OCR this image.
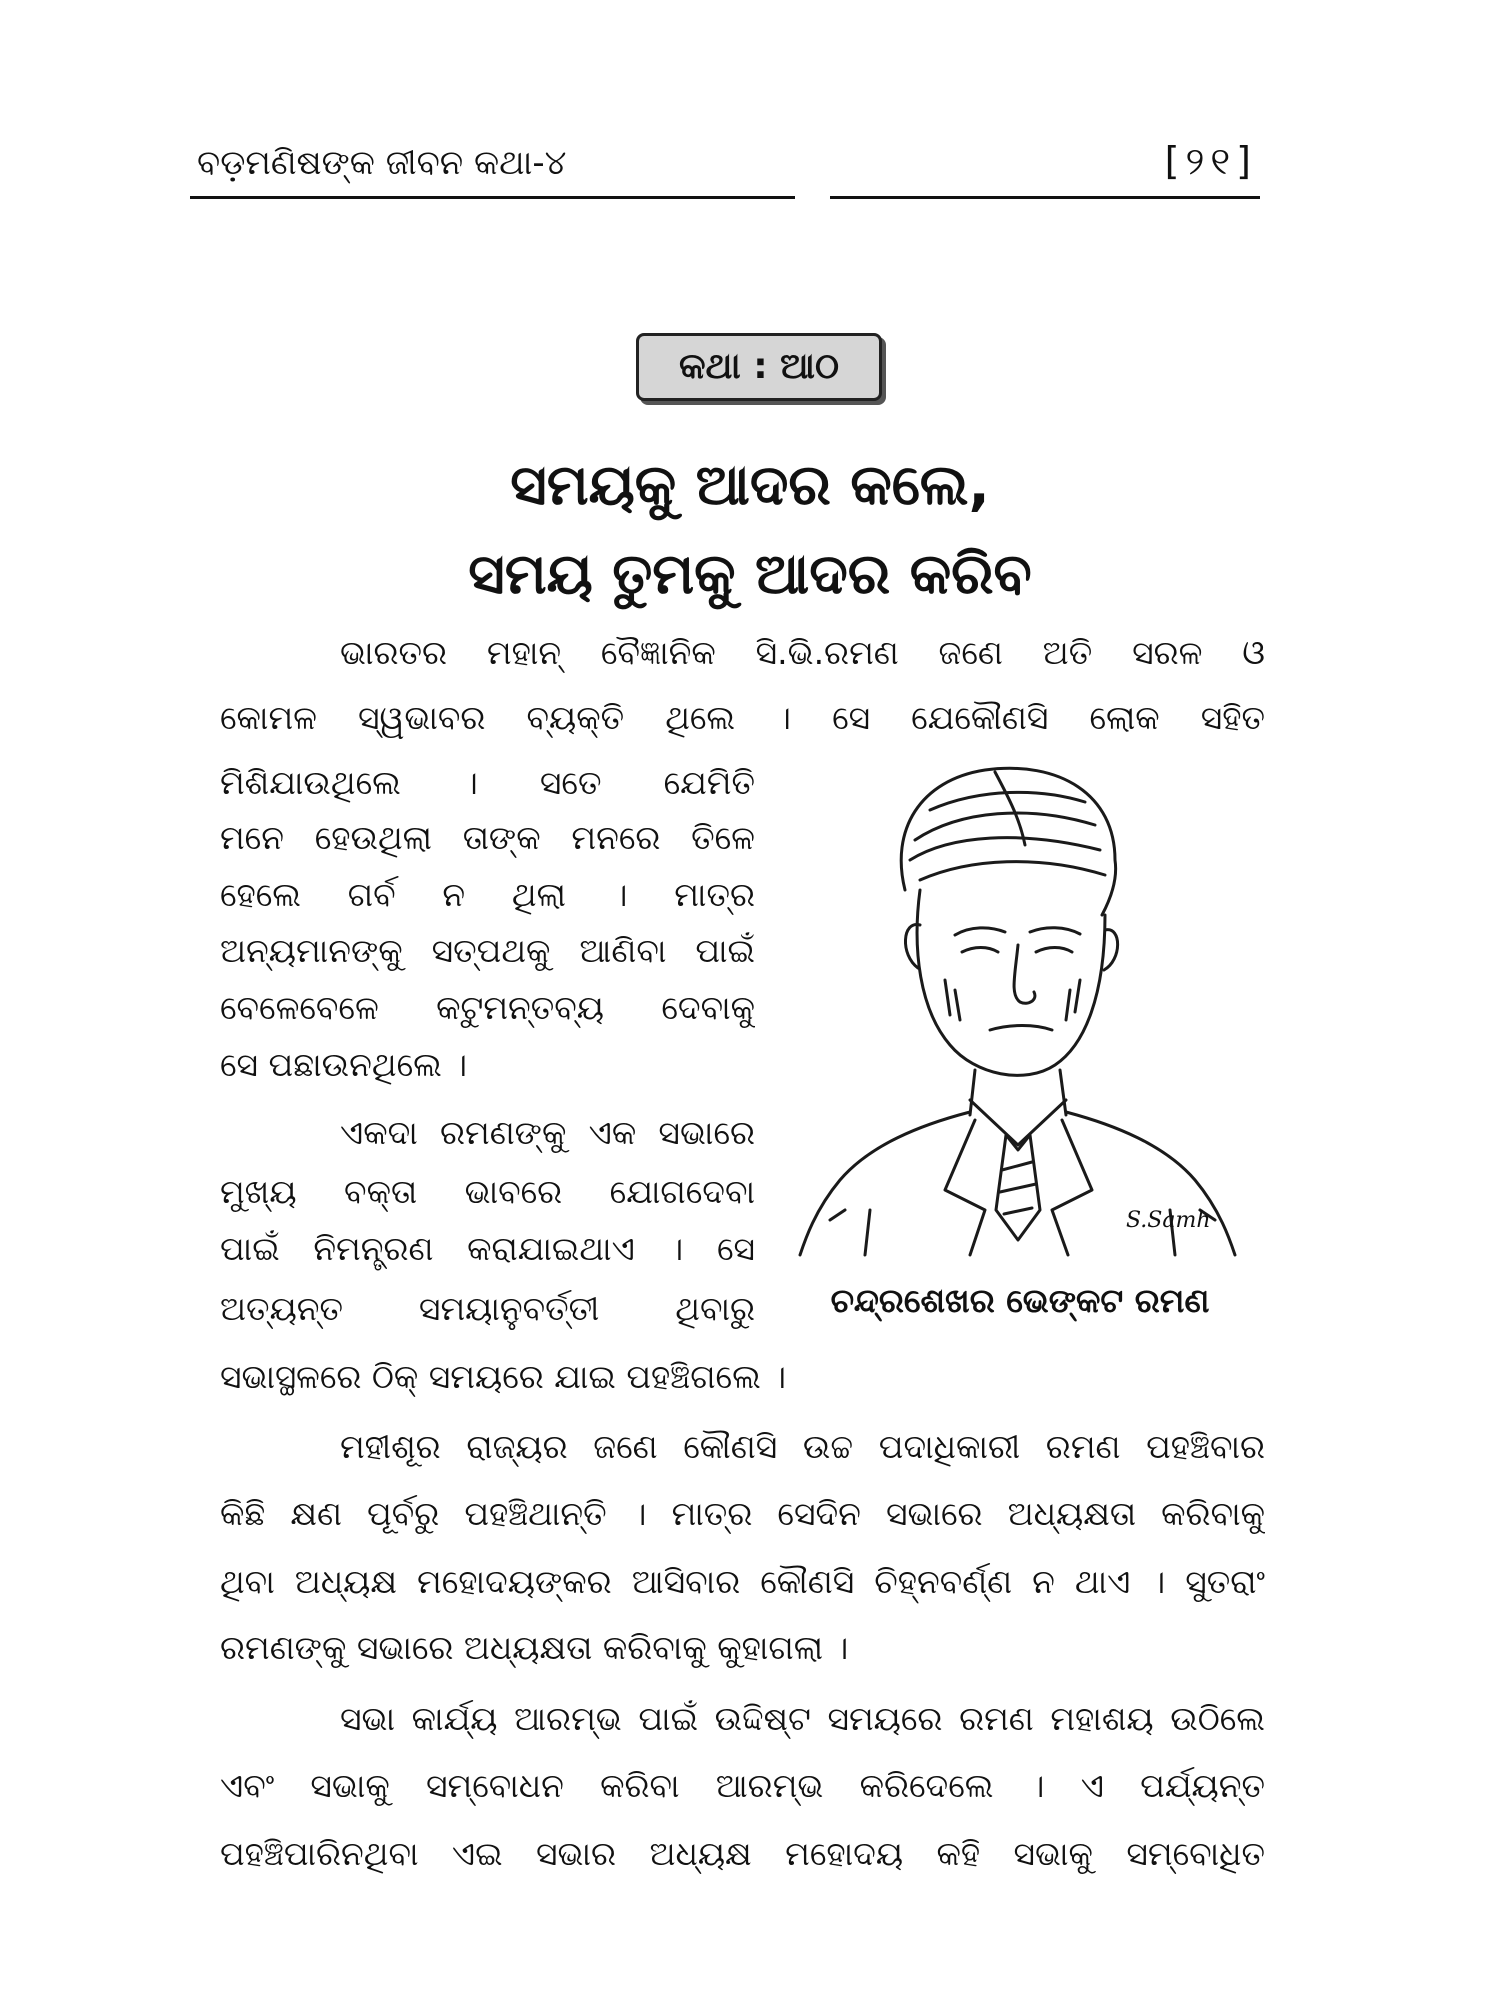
ବଡ଼ମଣିଷଙ୍କ ଜୀବନ କଥା-୪	[୨୧]
କଥା : ଆଠ
ସମୟକୁ ଆଦର କଲେ,
ସମୟ ତୁମକୁ ଆଦର କରିବ
ଭାରତର ମହାନ୍ ବୈଜ୍ଞାନିକ ସି.ଭି.ରମଣ ଜଣେ ଅତି ସରଳ ଓ
କୋମଳ ସ୍ୱଭାବର ବ୍ୟକ୍ତି ଥିଲେ । ସେ ଯେକୌଣସି ଲୋକ ସହିତ
ମିଶିଯାଉଥିଲେ । ସତେ ଯେମିତି
ମନେ ହେଉଥିଲା ତାଙ୍କ ମନରେ ତିଳେ
ହେଲେ ଗର୍ବ ନ ଥିଲା । ମାତ୍ର
ଅନ୍ୟମାନଙ୍କୁ ସତ୍‌ପଥକୁ ଆଣିବା ପାଇଁ
ବେଳେବେଳେ କଟୁମନ୍ତବ୍ୟ ଦେବାକୁ
ସେ ପଛାଉନଥିଲେ ।
ଏକଦା ରମଣଙ୍କୁ ଏକ ସଭାରେ
ମୁଖ୍ୟ ବକ୍ତା ଭାବରେ ଯୋଗଦେବା
ପାଇଁ ନିମନ୍ତ୍ରଣ କରାଯାଇଥାଏ । ସେ
ଅତ୍ୟନ୍ତ ସମୟାନୁବର୍ତ୍ତୀ ଥିବାରୁ
ସଭାସ୍ଥଳରେ ଠିକ୍ ସମୟରେ ଯାଇ ପହଞ୍ଚିଗଲେ ।
ମହୀଶୂର ରାଜ୍ୟର ଜଣେ କୌଣସି ଉଚ୍ଚ ପଦାଧିକାରୀ ରମଣ ପହଞ୍ଚିବାର
କିଛି କ୍ଷଣ ପୂର୍ବରୁ ପହଞ୍ଚିଥାନ୍ତି । ମାତ୍ର ସେଦିନ ସଭାରେ ଅଧ୍ୟକ୍ଷତା କରିବାକୁ
ଥିବା ଅଧ୍ୟକ୍ଷ ମହୋଦୟଙ୍କର ଆସିବାର କୌଣସି ଚିହ୍ନବର୍ଣ୍ଣ ନ ଥାଏ । ସୁତରାଂ
ରମଣଙ୍କୁ ସଭାରେ ଅଧ୍ୟକ୍ଷତା କରିବାକୁ କୁହାଗଲା ।
ସଭା କାର୍ଯ୍ୟ ଆରମ୍ଭ ପାଇଁ ଉଦ୍ଦିଷ୍ଟ ସମୟରେ ରମଣ ମହାଶୟ ଉଠିଲେ
ଏବଂ ସଭାକୁ ସମ୍ବୋଧନ କରିବା ଆରମ୍ଭ କରିଦେଲେ । ଏ ପର୍ଯ୍ୟନ୍ତ
ପହଞ୍ଚିପାରିନଥିବା ଏଇ ସଭାର ଅଧ୍ୟକ୍ଷ ମହୋଦୟ କହି ସଭାକୁ ସମ୍ବୋଧିତ
S.Samh
ଚନ୍ଦ୍ରଶେଖର ଭେଙ୍କଟ ରମଣ
